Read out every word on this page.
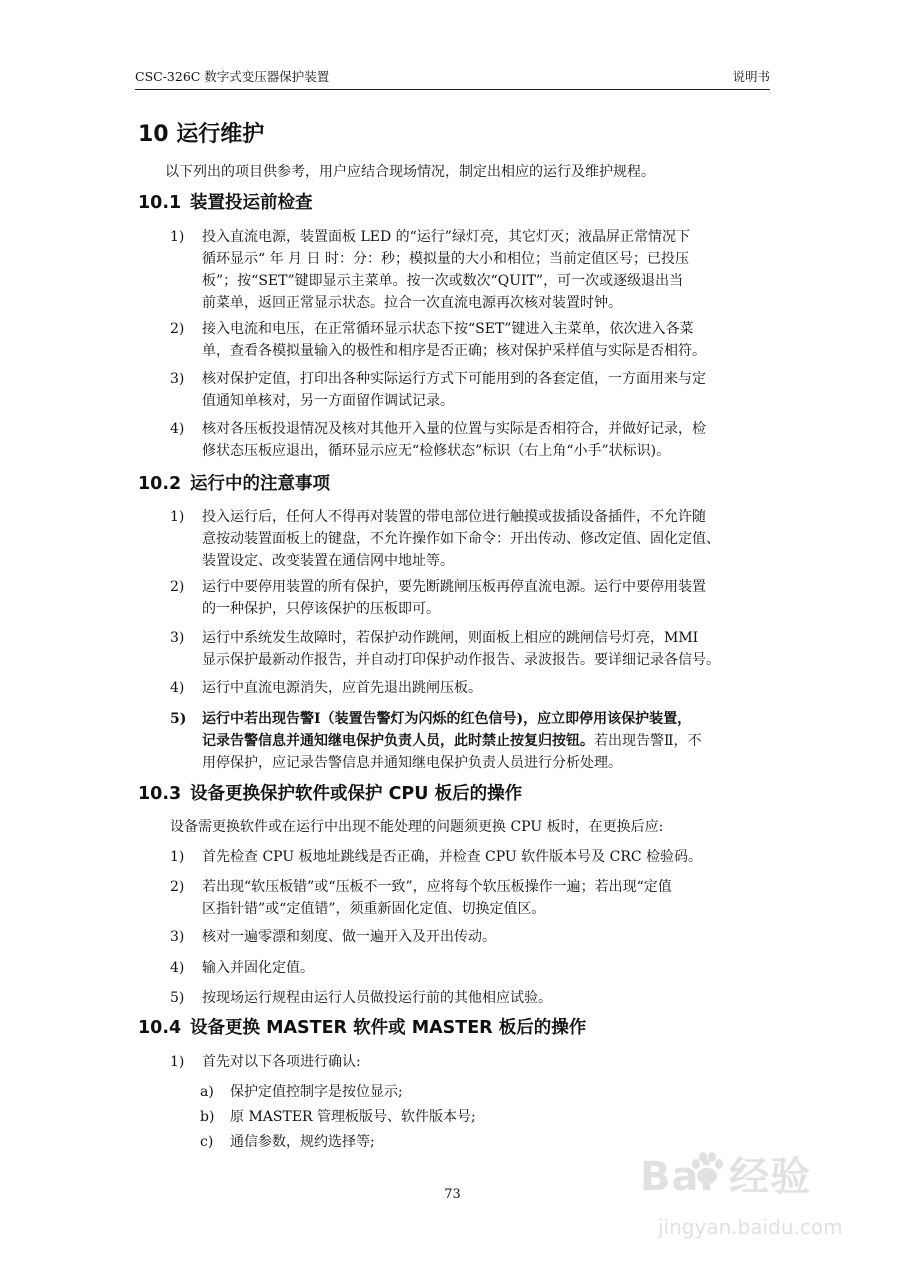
CSC-326C 数字式变压器保护装置	说明书
10 运行维护
以下列出的项目供参考，用户应结合现场情况，制定出相应的运行及维护规程。
10.1 装置投运前检查
1) 投入直流电源，装置面板 LED 的“运行”绿灯亮，其它灯灭；液晶屏正常情况下
循环显示“ 年 月 日 时：分：秒；模拟量的大小和相位；当前定值区号；已投压
板”；按“SET”键即显示主菜单。按一次或数次“QUIT”，可一次或逐级退出当
前菜单，返回正常显示状态。拉合一次直流电源再次核对装置时钟。
2) 接入电流和电压，在正常循环显示状态下按“SET”键进入主菜单，依次进入各菜
单，查看各模拟量输入的极性和相序是否正确；核对保护采样值与实际是否相符。
3) 核对保护定值，打印出各种实际运行方式下可能用到的各套定值，一方面用来与定
值通知单核对，另一方面留作调试记录。
4) 核对各压板投退情况及核对其他开入量的位置与实际是否相符合，并做好记录，检
修状态压板应退出，循环显示应无“检修状态”标识（右上角“小手”状标识)。
10.2 运行中的注意事项
1) 投入运行后，任何人不得再对装置的带电部位进行触摸或拔插设备插件，不允许随
意按动装置面板上的键盘，不允许操作如下命令：开出传动、修改定值、固化定值、
装置设定、改变装置在通信网中地址等。
2) 运行中要停用装置的所有保护，要先断跳闸压板再停直流电源。运行中要停用装置
的一种保护，只停该保护的压板即可。
3) 运行中系统发生故障时，若保护动作跳闸，则面板上相应的跳闸信号灯亮，MMI
显示保护最新动作报告，并自动打印保护动作报告、录波报告。要详细记录各信号。
4) 运行中直流电源消失，应首先退出跳闸压板。
5) 运行中若出现告警Ⅰ（装置告警灯为闪烁的红色信号)，应立即停用该保护装置，
记录告警信息并通知继电保护负责人员，此时禁止按复归按钮。若出现告警Ⅱ，不
用停保护，应记录告警信息并通知继电保护负责人员进行分析处理。
10.3 设备更换保护软件或保护 CPU 板后的操作
设备需更换软件或在运行中出现不能处理的问题须更换 CPU 板时，在更换后应:
1) 首先检查 CPU 板地址跳线是否正确，并检查 CPU 软件版本号及 CRC 检验码。
2) 若出现“软压板错”或“压板不一致”，应将每个软压板操作一遍；若出现“定值
区指针错”或“定值错”，须重新固化定值、切换定值区。
3) 核对一遍零漂和刻度、做一遍开入及开出传动。
4) 输入并固化定值。
5) 按现场运行规程由运行人员做投运行前的其他相应试验。
10.4 设备更换 MASTER 软件或 MASTER 板后的操作
1) 首先对以下各项进行确认:
a) 保护定值控制字是按位显示;
b) 原 MASTER 管理板版号、软件版本号;
c) 通信参数，规约选择等;
73	Bai 经验
jingyan.baidu.com
